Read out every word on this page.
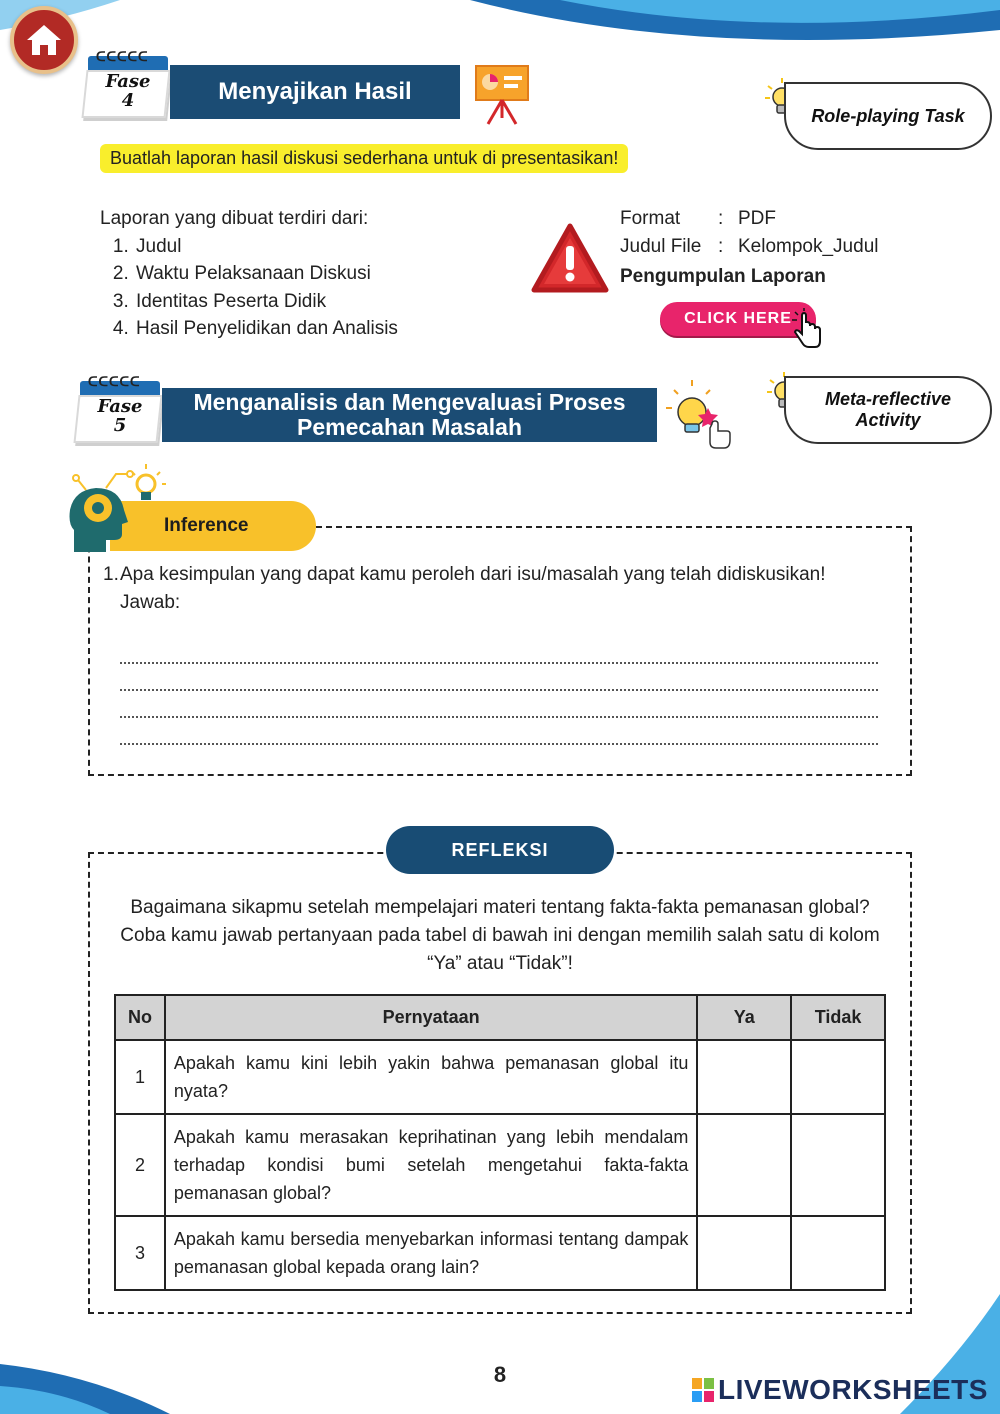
ᑕᑕᑕᑕᑕ
Fase
4	Menyajikan Hasil
Role-playing Task
Buatlah laporan hasil diskusi sederhana untuk di presentasikan!
Laporan yang dibuat terdiri dari:
1. Judul
2. Waktu Pelaksanaan Diskusi
3. Identitas Peserta Didik
4. Hasil Penyelidikan dan Analisis
Format	: PDF
Judul File : Kelompok_Judul
Pengumpulan Laporan
CLICK HERE
ᑕᑕᑕᑕᑕ
Fase
5
Menganalisis dan Mengevaluasi Proses
Pemecahan Masalah
Meta-reflective
Activity
Inference
1. Apa kesimpulan yang dapat kamu peroleh dari isu/masalah yang telah didiskusikan!
Jawab:
REFLEKSI
Bagaimana sikapmu setelah mempelajari materi tentang fakta-fakta pemanasan global? Coba kamu jawab pertanyaan pada tabel di bawah ini dengan memilih salah satu di kolom “Ya” atau “Tidak”!
No	Pernyataan	Ya	Tidak
1	Apakah kamu kini lebih yakin bahwa pemanasan global itu nyata?		
2	Apakah kamu merasakan keprihatinan yang lebih mendalam terhadap kondisi bumi setelah mengetahui fakta-fakta pemanasan global?		
3	Apakah kamu bersedia menyebarkan informasi tentang dampak pemanasan global kepada orang lain?		
8	LIVEWORKSHEETS
